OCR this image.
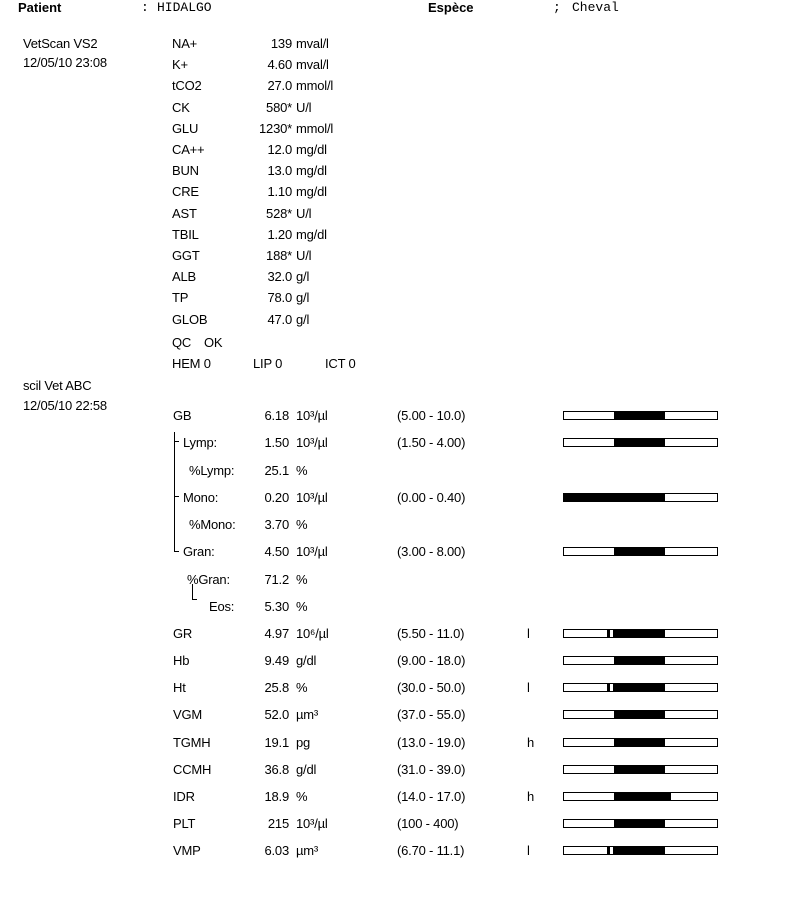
Patient	: HIDALGO	Espèce	; Cheval
VetScan VS2
12/05/10 23:08
NA+	139 mval/l
K+	4.60 mval/l
tCO2	27.0 mmol/l
CK	580* U/l
GLU	1230* mmol/l
CA++	12.0 mg/dl
BUN	13.0 mg/dl
CRE	1.10 mg/dl
AST	528* U/l
TBIL	1.20 mg/dl
GGT	188* U/l
ALB	32.0 g/l
TP	78.0 g/l
GLOB	47.0 g/l
QC OK
HEM 0	LIP 0	ICT 0
scil Vet ABC
12/05/10 22:58
GB	6.18 10³/µl	(5.00 - 10.0)
Lymp:	1.50 10³/µl	(1.50 - 4.00)
%Lymp: 25.1 %
Mono:	0.20 10³/µl	(0.00 - 0.40)
%Mono: 3.70 %
Gran:	4.50 10³/µl	(3.00 - 8.00)
%Gran:	71.2 %
Eos: 5.30 %
GR	4.97 10⁶/µl	(5.50 - 11.0)	l
Hb	9.49 g/dl	(9.00 - 18.0)
Ht	25.8 %	(30.0 - 50.0)	l
VGM	52.0 µm³	(37.0 - 55.0)
TGMH	19.1 pg	(13.0 - 19.0)	h
CCMH	36.8 g/dl	(31.0 - 39.0)
IDR	18.9 %	(14.0 - 17.0)	h
PLT	215 10³/µl	(100 - 400)
VMP	6.03 µm³	(6.70 - 11.1)	l
